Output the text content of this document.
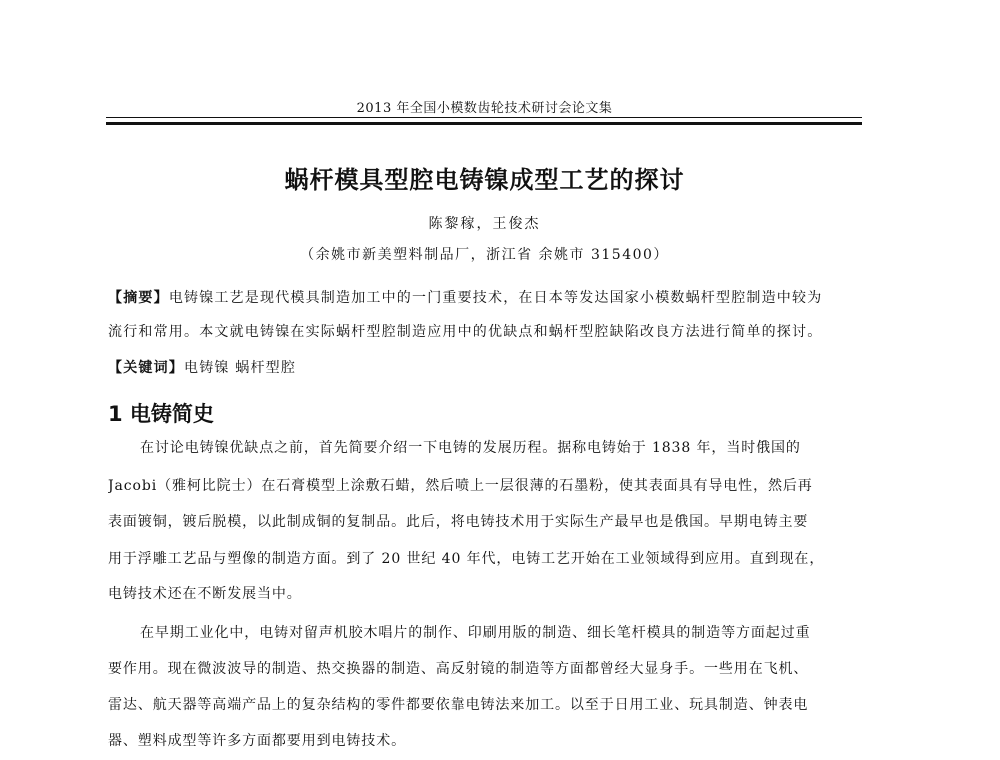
2013 年全国小模数齿轮技术研讨会论文集
蜗杆模具型腔电铸镍成型工艺的探讨
陈黎稼，王俊杰
（余姚市新美塑料制品厂，浙江省 余姚市 315400）
【摘要】电铸镍工艺是现代模具制造加工中的一门重要技术，在日本等发达国家小模数蜗杆型腔制造中较为
流行和常用。本文就电铸镍在实际蜗杆型腔制造应用中的优缺点和蜗杆型腔缺陷改良方法进行简单的探讨。
【关键词】电铸镍 蜗杆型腔
1 电铸简史
在讨论电铸镍优缺点之前，首先简要介绍一下电铸的发展历程。据称电铸始于 1838 年，当时俄国的
Jacobi（雅柯比院士）在石膏模型上涂敷石蜡，然后喷上一层很薄的石墨粉，使其表面具有导电性，然后再
表面镀铜，镀后脱模，以此制成铜的复制品。此后，将电铸技术用于实际生产最早也是俄国。早期电铸主要
用于浮雕工艺品与塑像的制造方面。到了 20 世纪 40 年代，电铸工艺开始在工业领域得到应用。直到现在，
电铸技术还在不断发展当中。
在早期工业化中，电铸对留声机胶木唱片的制作、印刷用版的制造、细长笔杆模具的制造等方面起过重
要作用。现在微波波导的制造、热交换器的制造、高反射镜的制造等方面都曾经大显身手。一些用在飞机、
雷达、航天器等高端产品上的复杂结构的零件都要依靠电铸法来加工。以至于日用工业、玩具制造、钟表电
器、塑料成型等许多方面都要用到电铸技术。
